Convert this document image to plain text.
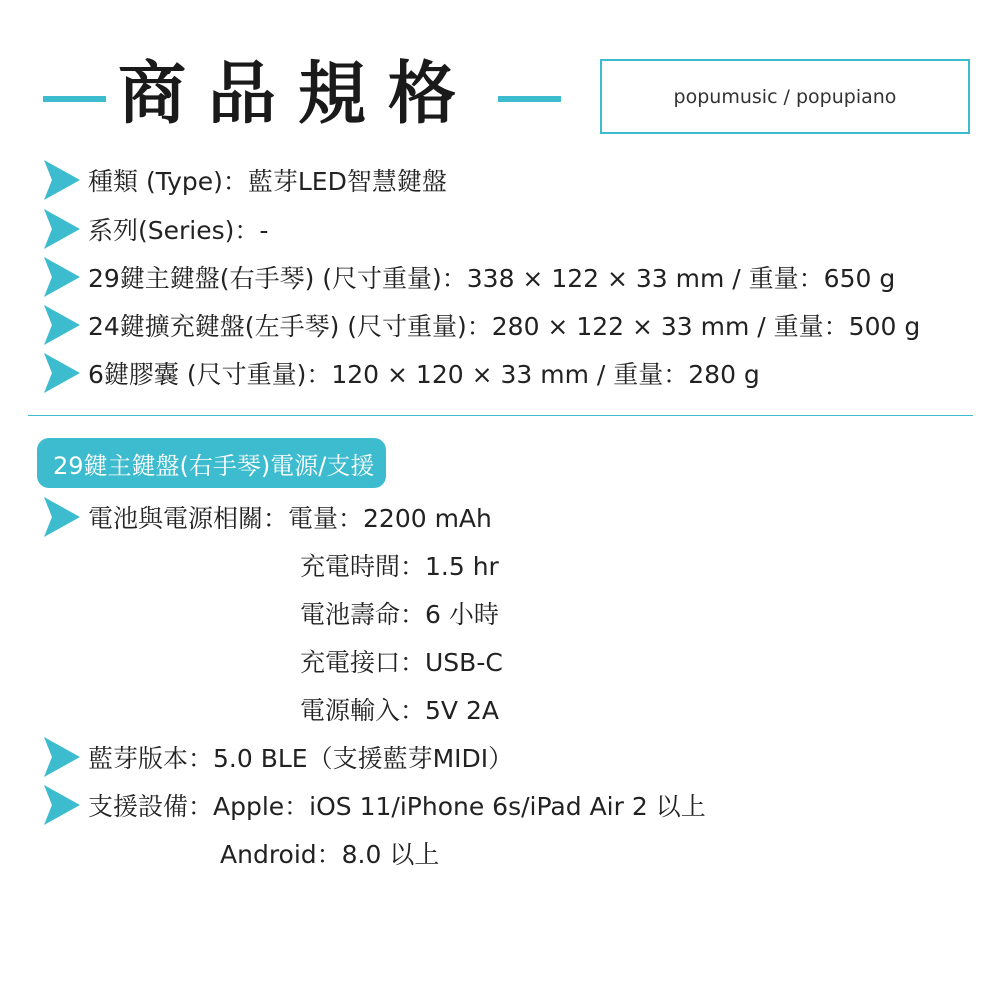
商品規格	popumusic / popupiano
種類 (Type)：藍芽LED智慧鍵盤
系列(Series)：-
29鍵主鍵盤(右手琴) (尺寸重量)：338 × 122 × 33 mm / 重量：650 g
24鍵擴充鍵盤(左手琴) (尺寸重量)：280 × 122 × 33 mm / 重量：500 g
6鍵膠囊 (尺寸重量)：120 × 120 × 33 mm / 重量：280 g
29鍵主鍵盤(右手琴)電源/支援
電池與電源相關：電量：2200 mAh
充電時間：1.5 hr
電池壽命：6 小時
充電接口：USB-C
電源輸入：5V 2A
藍芽版本：5.0 BLE（支援藍芽MIDI）
支援設備：Apple：iOS 11/iPhone 6s/iPad Air 2 以上
Android：8.0 以上
